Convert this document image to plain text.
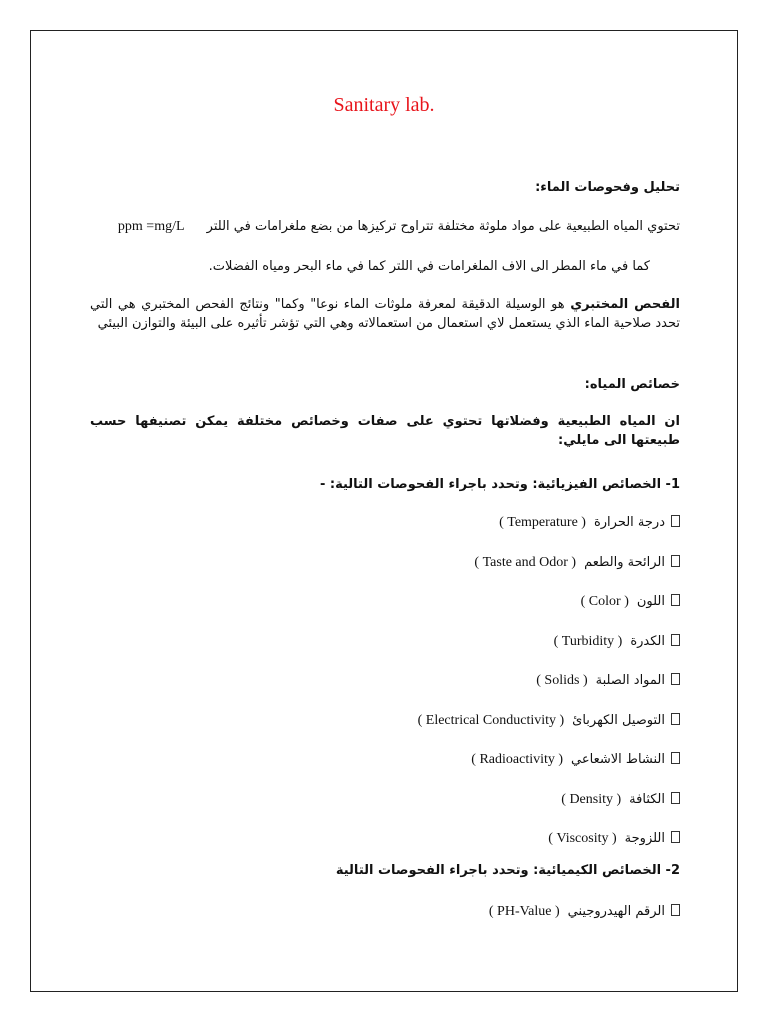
Sanitary lab.
تحليل وفحوصات الماء:
تحتوي المياه الطبيعية على مواد ملوثة مختلفة تتراوح تركيزها من بضع ملغرامات في اللتر ppm =mg/L
كما في ماء المطر الى الاف الملغرامات في اللتر كما في ماء البحر ومياه الفضلات.
الفحص المختبري هو الوسيلة الدقيقة لمعرفة ملوثات الماء نوعا" وكما" ونتائج الفحص المختبري هي التي تحدد صلاحية الماء الذي يستعمل لاي استعمال من استعمالاته وهي التي تؤشر تأثيره على البيئة والتوازن البيئي
خصائص المياه:
ان المياه الطبيعية وفضلاتها تحتوي على صفات وخصائص مختلفة يمكن تصنيفها حسب طبيعتها الى مايلي:
1- الخصائص الفيزيائية: وتحدد باجراء الفحوصات التالية: -
درجة الحرارة( Temperature )
الرائحة والطعم( Taste and Odor )
اللون( Color )
الكدرة( Turbidity )
المواد الصلبة( Solids )
التوصيل الكهربائ( Electrical Conductivity )
النشاط الاشعاعي( Radioactivity )
الكثافة( Density )
اللزوجة( Viscosity )
2- الخصائص الكيميائية: وتحدد باجراء الفحوصات التالية
الرقم الهيدروجيني( PH-Value )
